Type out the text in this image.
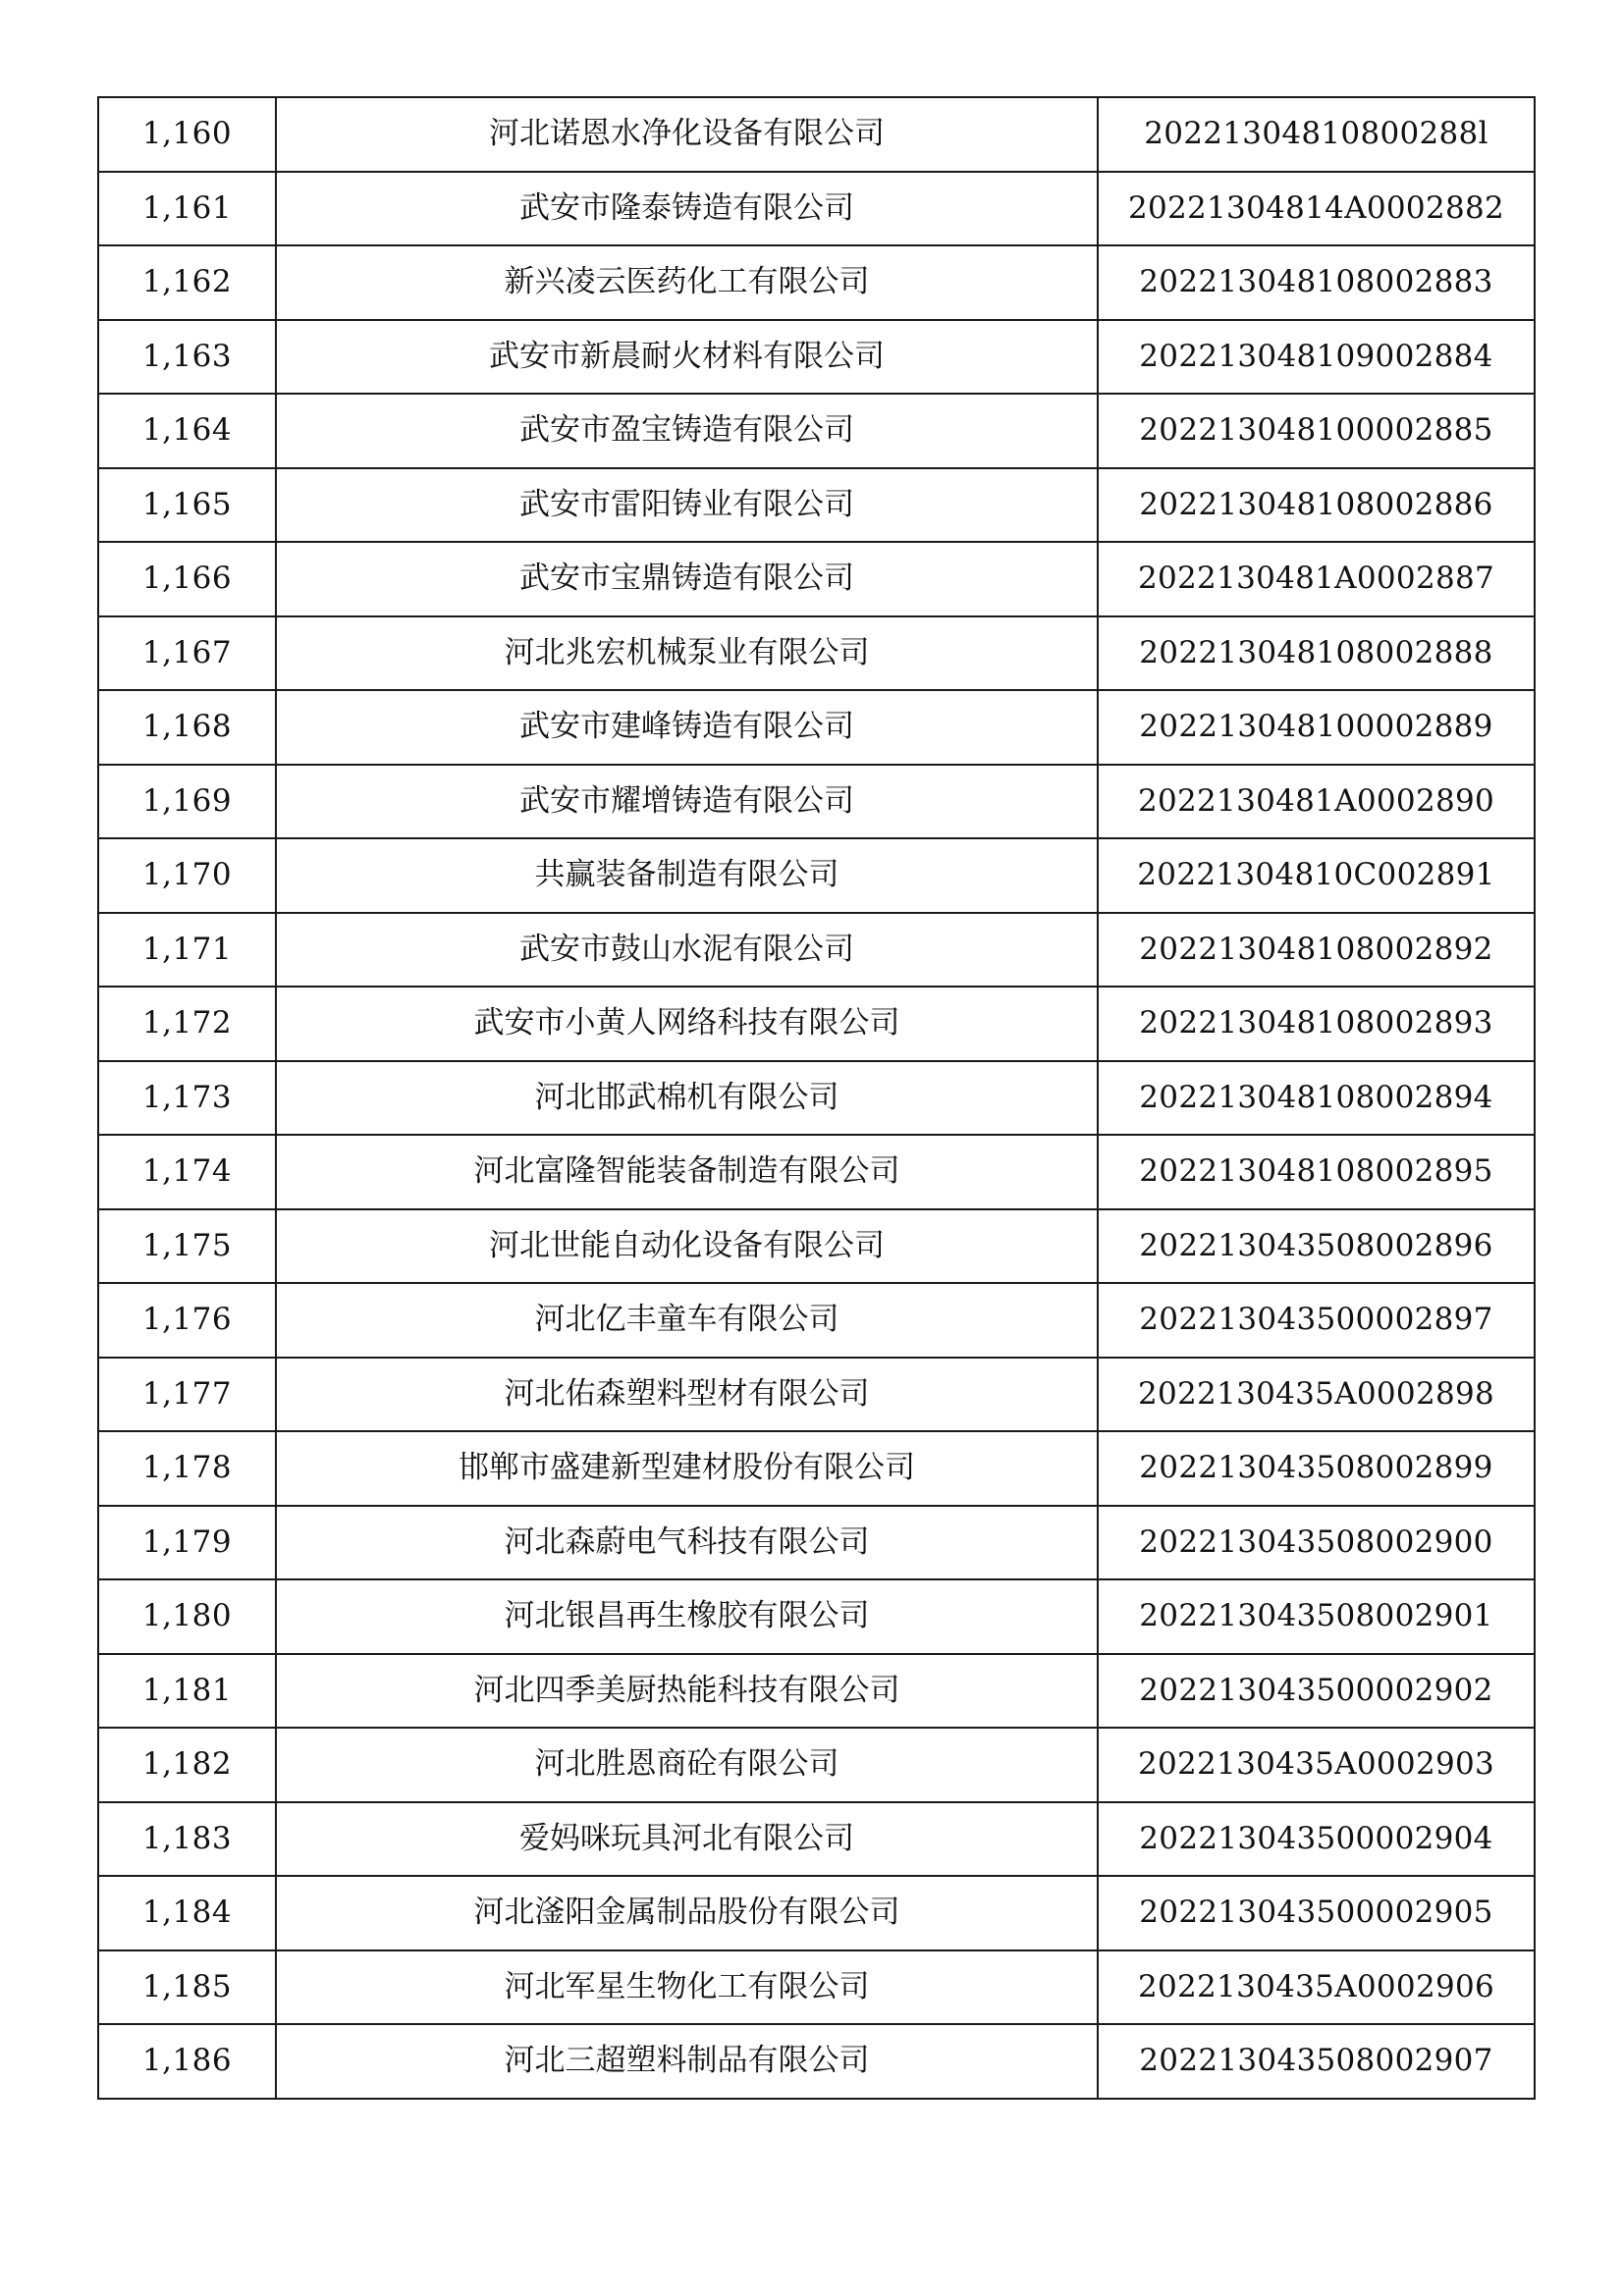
1,160	河北诺恩水净化设备有限公司	20221304810800288l
1,161	武安市隆泰铸造有限公司	20221304814A0002882
1,162	新兴凌云医药化工有限公司	202213048108002883
1,163	武安市新晨耐火材料有限公司	202213048109002884
1,164	武安市盈宝铸造有限公司	202213048100002885
1,165	武安市雷阳铸业有限公司	202213048108002886
1,166	武安市宝鼎铸造有限公司	2022130481A0002887
1,167	河北兆宏机械泵业有限公司	202213048108002888
1,168	武安市建峰铸造有限公司	202213048100002889
1,169	武安市耀增铸造有限公司	2022130481A0002890
1,170	共赢装备制造有限公司	20221304810C002891
1,171	武安市鼓山水泥有限公司	202213048108002892
1,172	武安市小黄人网络科技有限公司	202213048108002893
1,173	河北邯武棉机有限公司	202213048108002894
1,174	河北富隆智能装备制造有限公司	202213048108002895
1,175	河北世能自动化设备有限公司	202213043508002896
1,176	河北亿丰童车有限公司	202213043500002897
1,177	河北佑森塑料型材有限公司	2022130435A0002898
1,178	邯郸市盛建新型建材股份有限公司	202213043508002899
1,179	河北森蔚电气科技有限公司	202213043508002900
1,180	河北银昌再生橡胶有限公司	202213043508002901
1,181	河北四季美厨热能科技有限公司	202213043500002902
1,182	河北胜恩商砼有限公司	2022130435A0002903
1,183	爱妈咪玩具河北有限公司	202213043500002904
1,184	河北滏阳金属制品股份有限公司	202213043500002905
1,185	河北军星生物化工有限公司	2022130435A0002906
1,186	河北三超塑料制品有限公司	202213043508002907
